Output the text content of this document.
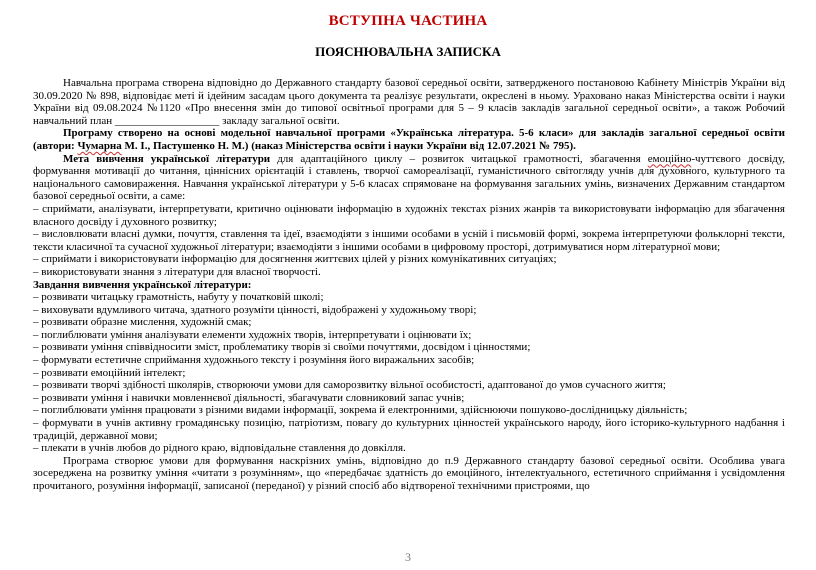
ВСТУПНА ЧАСТИНА
ПОЯСНЮВАЛЬНА ЗАПИСКА

Навчальна програма створена відповідно до Державного стандарту базової середньої освіти, затвердженого постановою Кабінету Міністрів України від 30.09.2020 № 898, відповідає меті й ідейним засадам цього документа та реалізує результати, окреслені в ньому. Ураховано наказ Міністерства освіти і науки України від 09.08.2024 №1120 «Про внесення змін до типової освітньої програми для 5 – 9 класів закладів загальної середньої освіти», а також Робочий навчальний план ___________________ закладу загальної освіти.

Програму створено на основі модельної навчальної програми «Українська література. 5-6 класи» для закладів загальної середньої освіти (автори: Чумарна М. І., Пастушенко Н. М.) (наказ Міністерства освіти і науки України від 12.07.2021 № 795).

Мета вивчення української літератури для адаптаційного циклу – розвиток читацької грамотності, збагачення емоційно-чуттєвого досвіду, формування мотивації до читання, ціннісних орієнтацій і ставлень, творчої самореалізації, гуманістичного світогляду учнів для духовного, культурного та національного самовираження. Навчання української літератури у 5-6 класах спрямоване на формування загальних умінь, визначених Державним стандартом базової середньої освіти, а саме:

– сприймати, аналізувати, інтерпретувати, критично оцінювати інформацію в художніх текстах різних жанрів та використовувати інформацію для збагачення власного досвіду і духовного розвитку;

– висловлювати власні думки, почуття, ставлення та ідеї, взаємодіяти з іншими особами в усній і письмовій формі, зокрема інтерпретуючи фольклорні тексти, тексти класичної та сучасної художньої літератури; взаємодіяти з іншими особами в цифровому просторі, дотримуватися норм літературної мови;

– сприймати і використовувати інформацію для досягнення життєвих цілей у різних комунікативних ситуаціях;

– використовувати знання з літератури для власної творчості.

Завдання вивчення української літератури:

– розвивати читацьку грамотність, набуту у початковій школі;

– виховувати вдумливого читача, здатного розуміти цінності, відображені у художньому творі;

– розвивати образне мислення, художній смак;

– поглиблювати уміння аналізувати елементи художніх творів, інтерпретувати і оцінювати їх;

– розвивати уміння співвідносити зміст, проблематику творів зі своїми почуттями, досвідом і цінностями;

– формувати естетичне сприймання художнього тексту і розуміння його виражальних засобів;

– розвивати емоційний інтелект;

– розвивати творчі здібності школярів, створюючи умови для саморозвитку вільної особистості, адаптованої до умов сучасного життя;

– розвивати уміння і навички мовленнєвої діяльності, збагачувати словниковий запас учнів;

– поглиблювати уміння працювати з різними видами інформації, зокрема й електронними, здійснюючи пошуково-дослідницьку діяльність;

– формувати в учнів активну громадянську позицію, патріотизм, повагу до культурних цінностей українського народу, його історико-культурного надбання і традицій, державної мови;

– плекати в учнів любов до рідного краю, відповідальне ставлення до довкілля.

Програма створює умови для формування наскрізних умінь, відповідно до п.9 Державного стандарту базової середньої освіти. Особлива увага зосереджена на розвитку уміння «читати з розумінням», що «передбачає здатність до емоційного, інтелектуального, естетичного сприймання і усвідомлення прочитаного, розуміння інформації, записаної (переданої) у різний спосіб або відтвореної технічними пристроями, що

3
